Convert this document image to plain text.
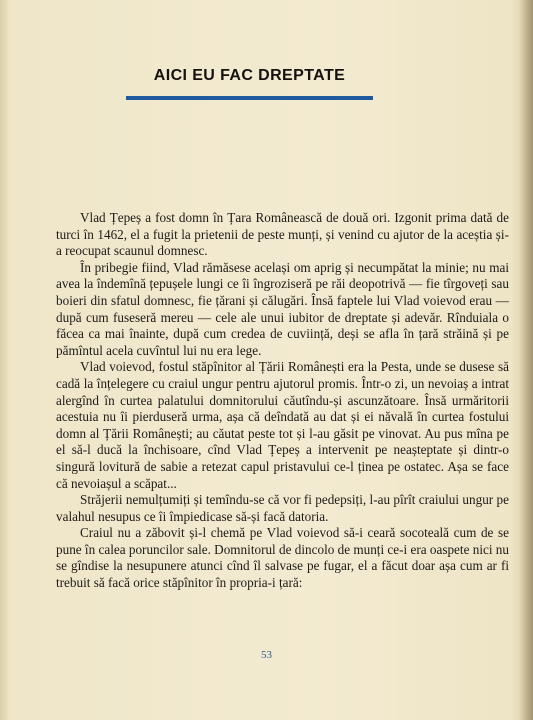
AICI EU FAC DREPTATE

Vlad Țepeș a fost domn în Țara Românească de două ori. Izgonit prima dată de turci în 1462, el a fugit la prietenii de peste munți, și venind cu ajutor de la aceștia și-a reocupat scaunul domnesc.

În pribegie fiind, Vlad rămăsese același om aprig și necumpătat la minie; nu mai avea la îndemînă țepușele lungi ce îi îngroziseră pe răi deopotrivă — fie tîrgoveți sau boieri din sfatul domnesc, fie țărani și călugări. Însă faptele lui Vlad voievod erau — după cum fuseseră mereu — cele ale unui iubitor de dreptate și adevăr. Rînduiala o făcea ca mai înainte, după cum credea de cuviință, deși se afla în țară străină și pe pămîntul acela cuvîntul lui nu era lege.

Vlad voievod, fostul stăpînitor al Țării Românești era la Pesta, unde se dusese să cadă la înțelegere cu craiul ungur pentru ajutorul promis. Într-o zi, un nevoiaș a intrat alergînd în curtea palatului domnitorului căutîndu-și ascunzătoare. Însă urmăritorii acestuia nu îi pierduseră urma, așa că deîndată au dat și ei năvală în curtea fostului domn al Țării Românești; au căutat peste tot și l-au găsit pe vinovat. Au pus mîna pe el să-l ducă la închisoare, cînd Vlad Țepeș a intervenit pe neașteptate și dintr-o singură lovitură de sabie a retezat capul pristavului ce-l ținea pe ostatec. Așa se face că nevoiașul a scăpat...

Străjerii nemulțumiți și temîndu-se că vor fi pedepsiți, l-au pîrît craiului ungur pe valahul nesupus ce îi împiedicase să-și facă datoria.

Craiul nu a zăbovit și-l chemă pe Vlad voievod să-i ceară socoteală cum de se pune în calea poruncilor sale. Domnitorul de dincolo de munți ce-i era oaspete nici nu se gîndise la nesupunere atunci cînd îl salvase pe fugar, el a făcut doar așa cum ar fi trebuit să facă orice stăpînitor în propria-i țară:

53
